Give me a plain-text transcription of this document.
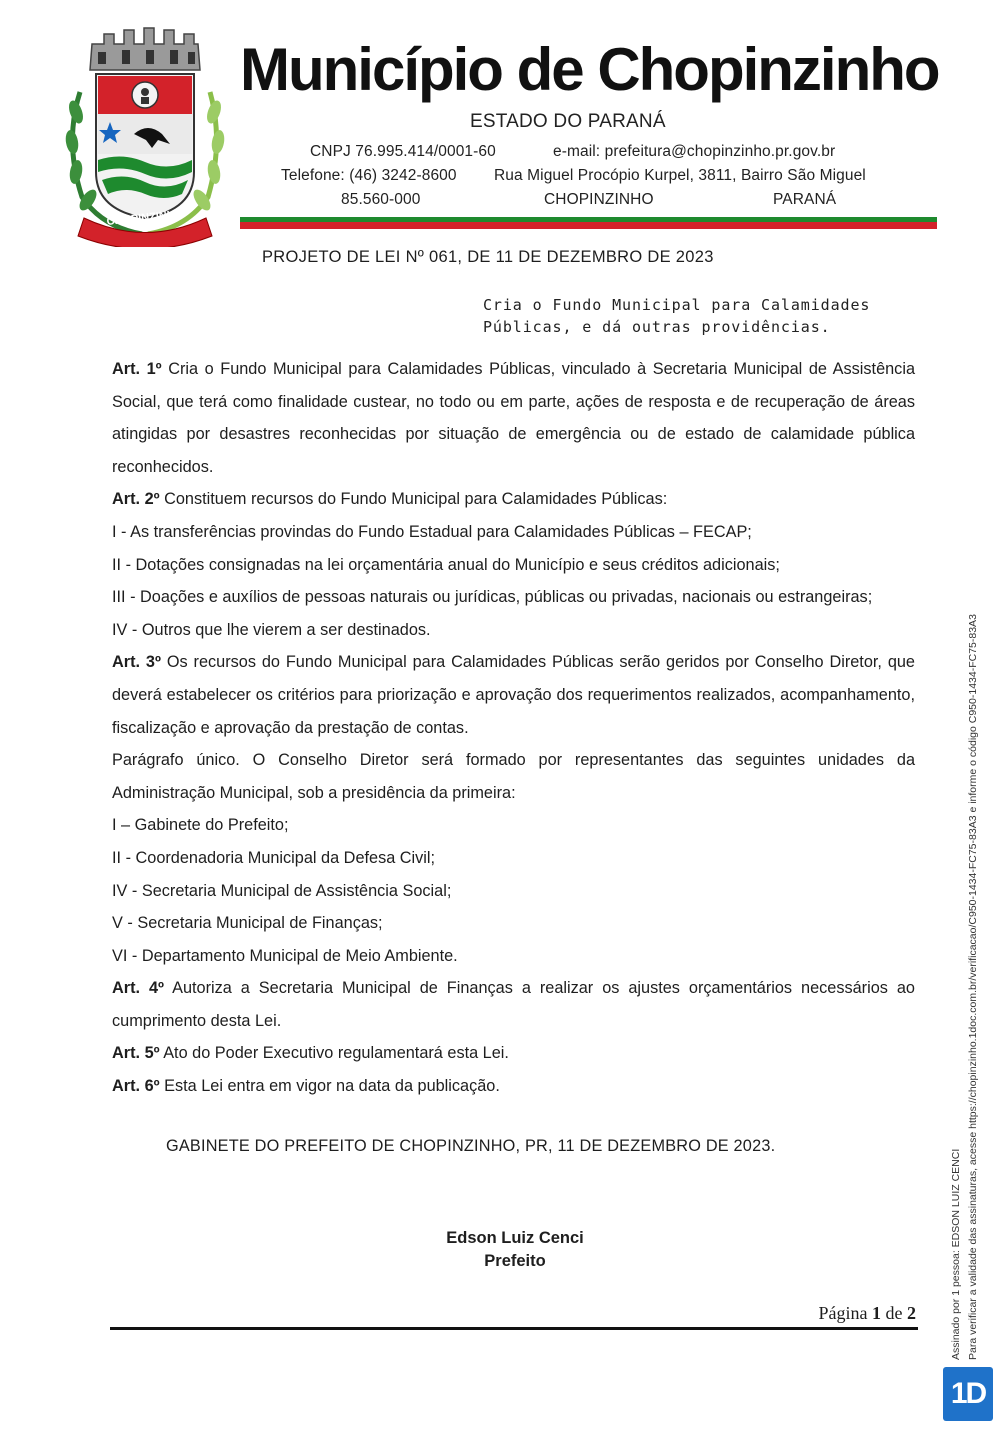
CHOPINZINHO
Município de Chopinzinho
ESTADO DO PARANÁ
CNPJ 76.995.414/0001-60	e-mail: prefeitura@chopinzinho.pr.gov.br
Telefone: (46) 3242-8600 Rua Miguel Procópio Kurpel, 3811, Bairro São Miguel
85.560-000	CHOPINZINHO	PARANÁ
PROJETO DE LEI Nº 061, DE 11 DE DEZEMBRO DE 2023
Cria o Fundo Municipal para Calamidades
Públicas, e dá outras providências.

Art. 1º Cria o Fundo Municipal para Calamidades Públicas, vinculado à Secretaria Municipal de Assistência Social, que terá como finalidade custear, no todo ou em parte, ações de resposta e de recuperação de áreas atingidas por desastres reconhecidas por situação de emergência ou de estado de calamidade pública reconhecidos.

Art. 2º Constituem recursos do Fundo Municipal para Calamidades Públicas:

I - As transferências provindas do Fundo Estadual para Calamidades Públicas – FECAP;

II - Dotações consignadas na lei orçamentária anual do Município e seus créditos adicionais;

III - Doações e auxílios de pessoas naturais ou jurídicas, públicas ou privadas, nacionais ou estrangeiras;

IV - Outros que lhe vierem a ser destinados.

Art. 3º Os recursos do Fundo Municipal para Calamidades Públicas serão geridos por Conselho Diretor, que deverá estabelecer os critérios para priorização e aprovação dos requerimentos realizados, acompanhamento, fiscalização e aprovação da prestação de contas.

Parágrafo único. O Conselho Diretor será formado por representantes das seguintes unidades da Administração Municipal, sob a presidência da primeira:

I – Gabinete do Prefeito;

II - Coordenadoria Municipal da Defesa Civil;

IV - Secretaria Municipal de Assistência Social;

V - Secretaria Municipal de Finanças;

VI - Departamento Municipal de Meio Ambiente.

Art. 4º Autoriza a Secretaria Municipal de Finanças a realizar os ajustes orçamentários necessários ao cumprimento desta Lei.

Art. 5º Ato do Poder Executivo regulamentará esta Lei.

Art. 6º Esta Lei entra em vigor na data da publicação.

GABINETE DO PREFEITO DE CHOPINZINHO, PR, 11 DE DEZEMBRO DE 2023.
Edson Luiz Cenci
Prefeito
Página 1 de 2	Assinado por 1 pessoa: EDSON LUIZ CENCI Para verificar a validade das assinaturas, acesse https://chopinzinho.1doc.com.br/verificacao/C950-1434-FC75-83A3 e informe o código C950-1434-FC75-83A3
1D
